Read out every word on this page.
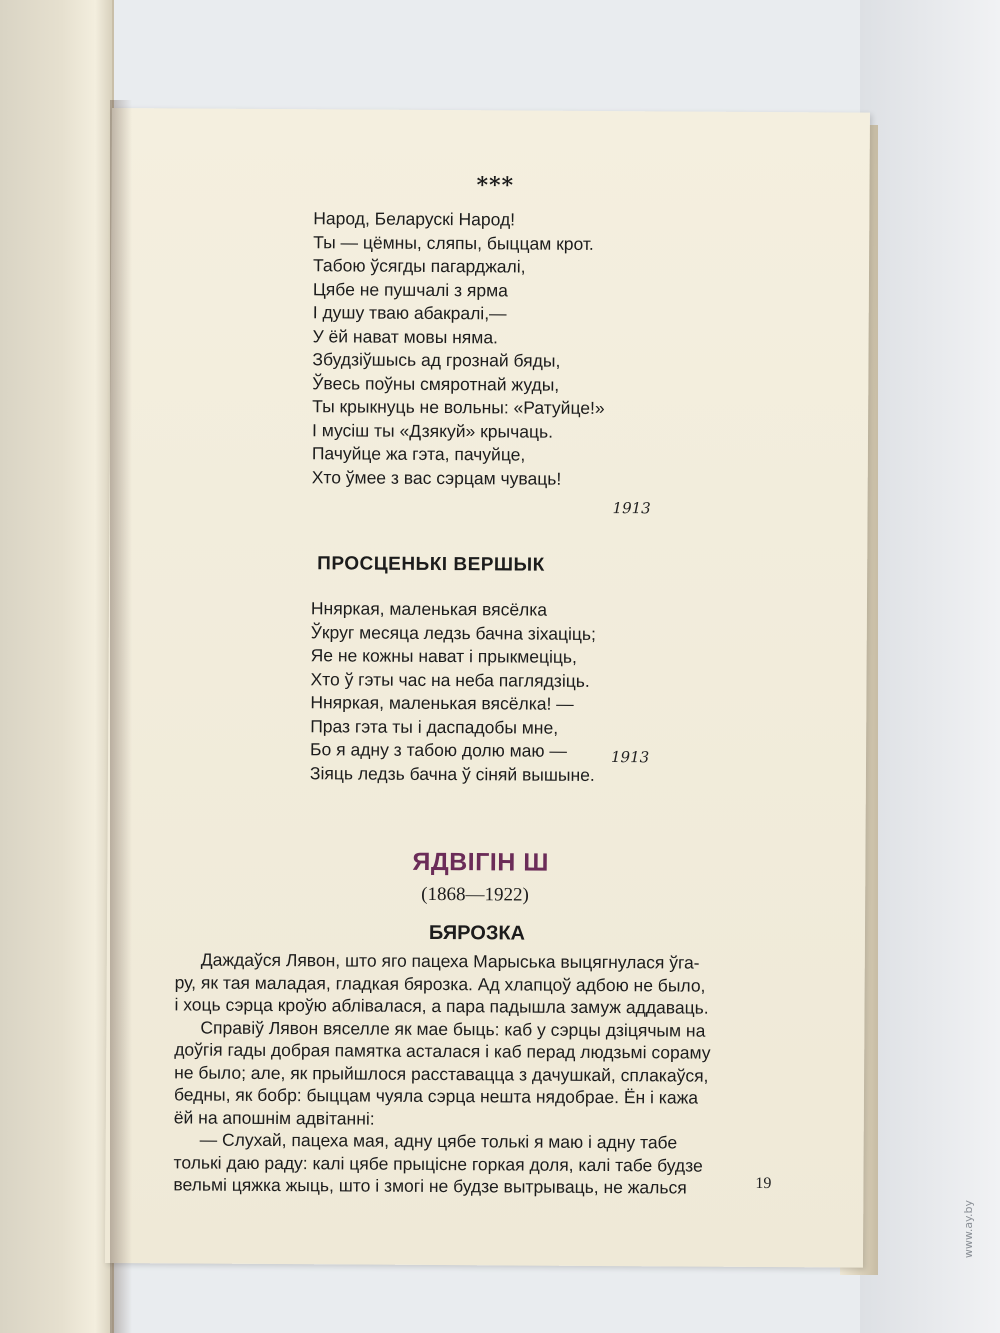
***
Народ, Беларускі Народ!
Ты — цёмны, сляпы, быццам крот.
Табою ўсягды пагарджалі,
Цябе не пушчалі з ярма
І душу тваю абакралі,—
У ёй нават мовы няма.
Збудзіўшысь ад грознай бяды,
Ўвесь поўны смяротнай жуды,
Ты крыкнуць не вольны: «Ратуйце!»
І мусіш ты «Дзякуй» крычаць.
Пачуйце жа гэта, пачуйце,
Хто ўмее з вас сэрцам чуваць!
1913
ПРОСЦЕНЬКІ ВЕРШЫК
Нняркая, маленькая вясёлка
Ўкруг месяца ледзь бачна зіхаціць;
Яе не кожны нават і прыкмеціць,
Хто ў гэты час на неба паглядзіць.
Нняркая, маленькая вясёлка! —
Праз гэта ты і даспадобы мне,
Бо я адну з табою долю маю —
Зіяць ледзь бачна ў сіняй вышыне.
1913
ЯДВІГІН Ш
(1868—1922)
БЯРОЗКА
Даждаўся Лявон, што яго пацеха Марыська выцягнулася ўга-
ру, як тая маладая, гладкая бярозка. Ад хлапцоў адбою не было,
і хоць сэрца кроўю аблівалася, а пара падышла замуж аддаваць.
Справіў Лявон вяселле як мае быць: каб у сэрцы дзіцячым на
доўгія гады добрая памятка асталася і каб перад людзьмі сораму
не было; але, як прыйшлося расставацца з дачушкай, сплакаўся,
бедны, як бобр: быццам чуяла сэрца нешта нядобрае. Ён і кажа
ёй на апошнім адвітанні:
— Слухай, пацеха мая, адну цябе толькі я маю і адну табе
толькі даю раду: калі цябе прыцісне горкая доля, калі табе будзе
вельмі цяжка жыць, што і змогі не будзе вытрываць, не жалься	19
www.ay.by
